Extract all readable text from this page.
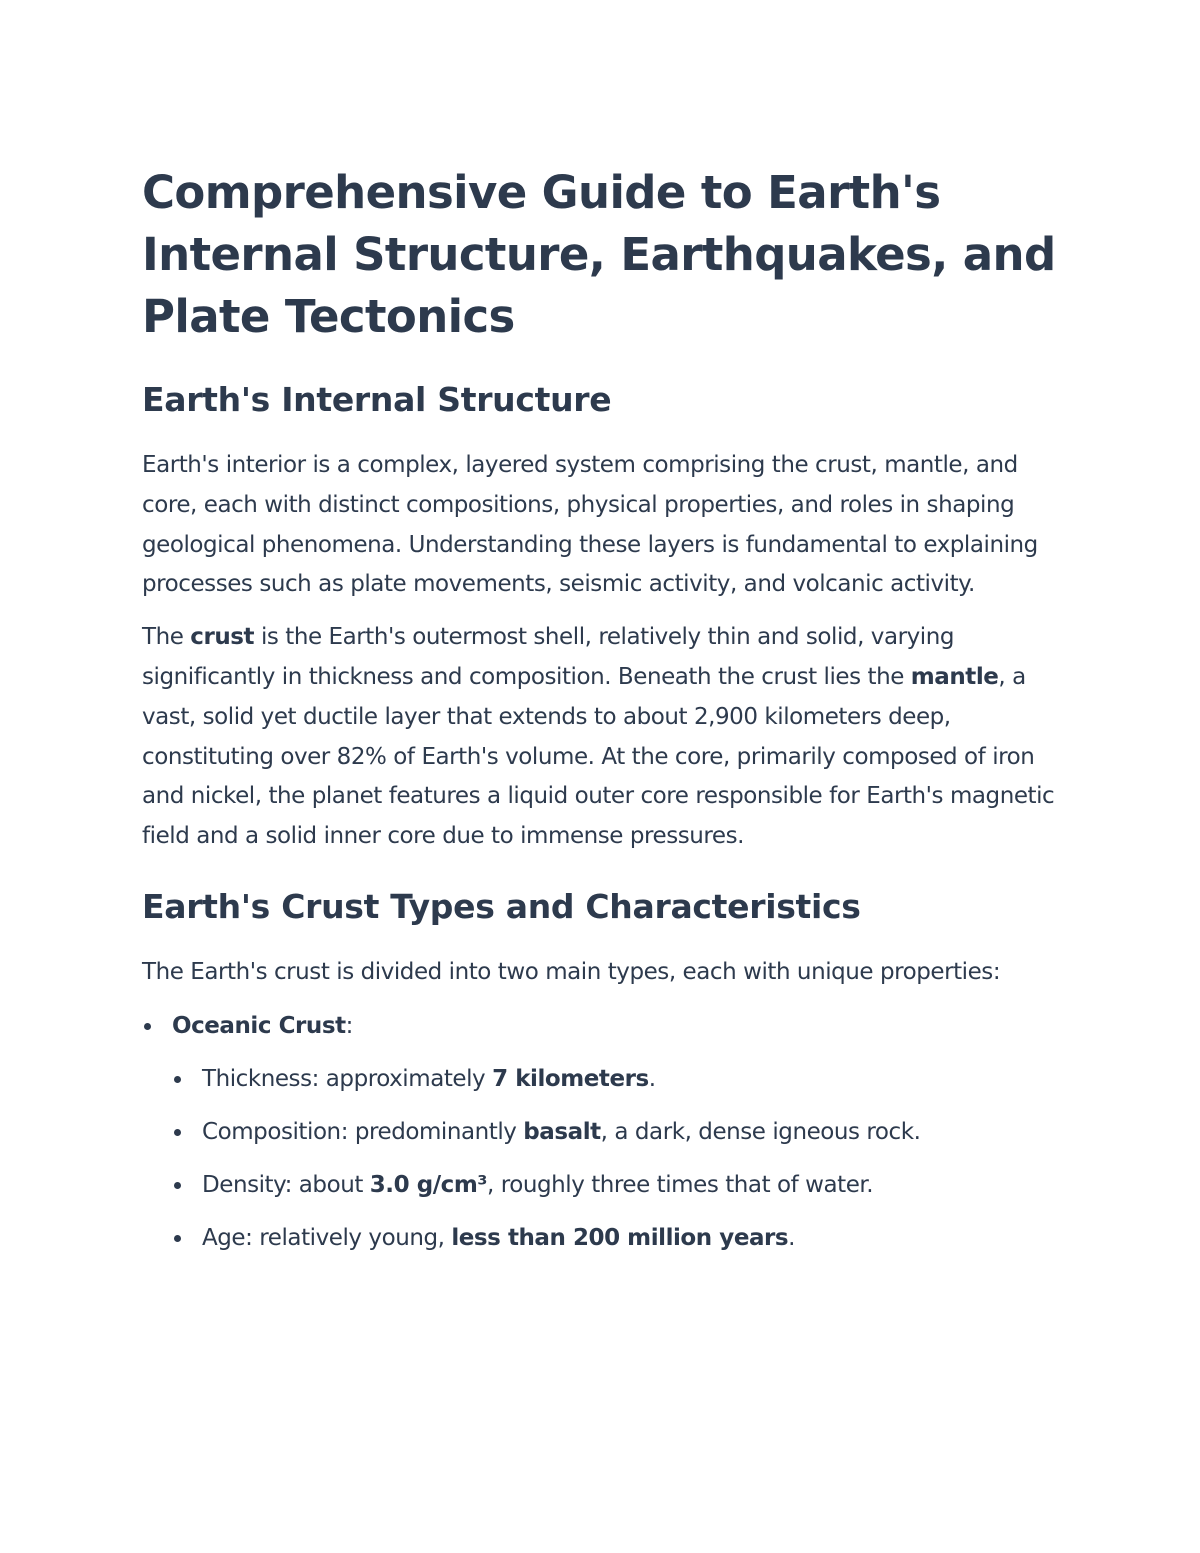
Comprehensive Guide to Earth's Internal Structure, Earthquakes, and Plate Tectonics
Earth's Internal Structure

Earth's interior is a complex, layered system comprising the crust, mantle, and core, each with distinct compositions, physical properties, and roles in shaping geological phenomena. Understanding these layers is fundamental to explaining processes such as plate movements, seismic activity, and volcanic activity.

The crust is the Earth's outermost shell, relatively thin and solid, varying significantly in thickness and composition. Beneath the crust lies the mantle, a vast, solid yet ductile layer that extends to about 2,900 kilometers deep, constituting over 82% of Earth's volume. At the core, primarily composed of iron and nickel, the planet features a liquid outer core responsible for Earth's magnetic field and a solid inner core due to immense pressures.

Earth's Crust Types and Characteristics

The Earth's crust is divided into two main types, each with unique properties:

Oceanic Crust:
Thickness: approximately 7 kilometers.
Composition: predominantly basalt, a dark, dense igneous rock.
Density: about 3.0 g/cm³, roughly three times that of water.
Age: relatively young, less than 200 million years.
